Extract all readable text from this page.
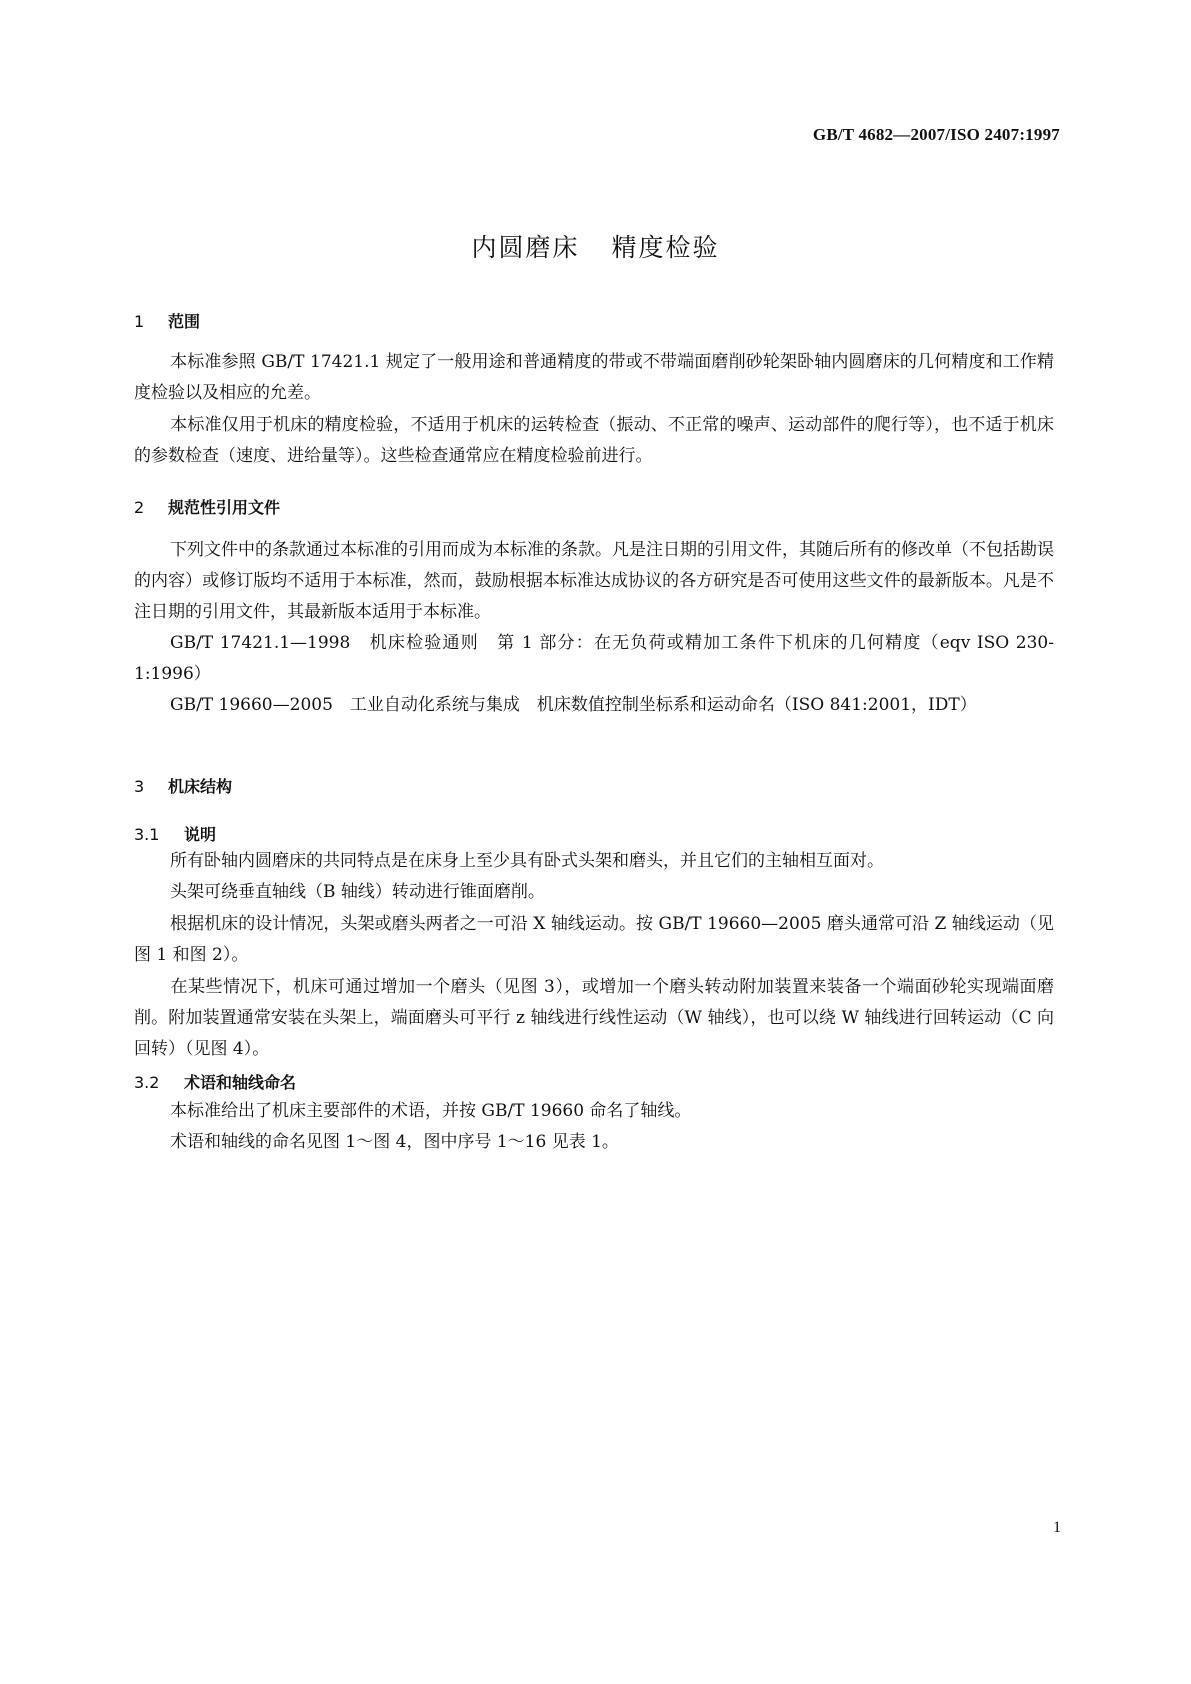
GB/T 4682—2007/ISO 2407:1997
内圆磨床 精度检验
1 范围
本标准参照 GB/T 17421.1 规定了一般用途和普通精度的带或不带端面磨削砂轮架卧轴内圆磨床的几何精度和工作精度检验以及相应的允差。
本标准仅用于机床的精度检验，不适用于机床的运转检查（振动、不正常的噪声、运动部件的爬行等），也不适于机床的参数检查（速度、进给量等）。这些检查通常应在精度检验前进行。
2 规范性引用文件
下列文件中的条款通过本标准的引用而成为本标准的条款。凡是注日期的引用文件，其随后所有的修改单（不包括勘误的内容）或修订版均不适用于本标准，然而，鼓励根据本标准达成协议的各方研究是否可使用这些文件的最新版本。凡是不注日期的引用文件，其最新版本适用于本标准。
GB/T 17421.1—1998　机床检验通则　第 1 部分：在无负荷或精加工条件下机床的几何精度（eqv ISO 230-1:1996）
GB/T 19660—2005　工业自动化系统与集成　机床数值控制坐标系和运动命名（ISO 841:2001，IDT）
3 机床结构
3.1 说明
所有卧轴内圆磨床的共同特点是在床身上至少具有卧式头架和磨头，并且它们的主轴相互面对。
头架可绕垂直轴线（B 轴线）转动进行锥面磨削。
根据机床的设计情况，头架或磨头两者之一可沿 X 轴线运动。按 GB/T 19660—2005 磨头通常可沿 Z 轴线运动（见图 1 和图 2）。
在某些情况下，机床可通过增加一个磨头（见图 3），或增加一个磨头转动附加装置来装备一个端面砂轮实现端面磨削。附加装置通常安装在头架上，端面磨头可平行 z 轴线进行线性运动（W 轴线），也可以绕 W 轴线进行回转运动（C 向回转）（见图 4）。
3.2 术语和轴线命名
本标准给出了机床主要部件的术语，并按 GB/T 19660 命名了轴线。
术语和轴线的命名见图 1～图 4，图中序号 1～16 见表 1。
1
